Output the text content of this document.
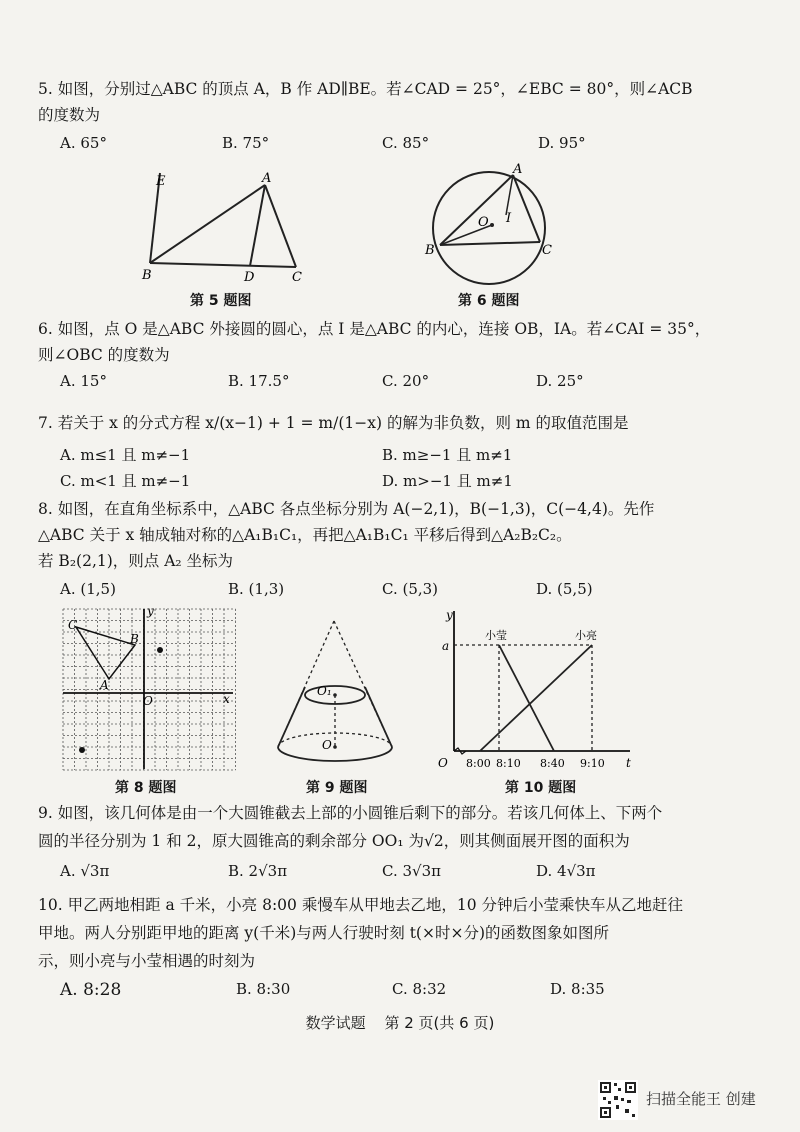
5. 如图，分别过△ABC 的顶点 A，B 作 AD∥BE。若∠CAD = 25°，∠EBC = 80°，则∠ACB
的度数为
A. 65°	B. 75°	C. 85°	D. 95°
E	A
B	D	C
第 5 题图
A
O I
B	C
第 6 题图
6. 如图，点 O 是△ABC 外接圆的圆心，点 I 是△ABC 的内心，连接 OB，IA。若∠CAI = 35°，
则∠OBC 的度数为
A. 15°	B. 17.5°	C. 20°	D. 25°
7. 若关于 x 的分式方程 x/(x−1) + 1 = m/(1−x) 的解为非负数，则 m 的取值范围是
A. m≤1 且 m≠−1	B. m≥−1 且 m≠1
C. m<1 且 m≠−1	D. m>−1 且 m≠1
8. 如图，在直角坐标系中，△ABC 各点坐标分别为 A(−2,1)，B(−1,3)，C(−4,4)。先作
△ABC 关于 x 轴成轴对称的△A₁B₁C₁，再把△A₁B₁C₁ 平移后得到△A₂B₂C₂。
若 B₂(2,1)，则点 A₂ 坐标为
A. (1,5)	B. (1,3)	C. (5,3)	D. (5,5)
y
x
O
A
B
C
第 8 题图
O₁
O
第 9 题图
y
t
a
O
小莹	小亮
8:00 8:10 8:40 9:10
第 10 题图
9. 如图，该几何体是由一个大圆锥截去上部的小圆锥后剩下的部分。若该几何体上、下两个
圆的半径分别为 1 和 2，原大圆锥高的剩余部分 OO₁ 为√2，则其侧面展开图的面积为
A. √3π	B. 2√3π	C. 3√3π	D. 4√3π
10. 甲乙两地相距 a 千米，小亮 8:00 乘慢车从甲地去乙地，10 分钟后小莹乘快车从乙地赶往
甲地。两人分别距甲地的距离 y(千米)与两人行驶时刻 t(×时×分)的函数图象如图所
示，则小亮与小莹相遇的时刻为
A. 8:28	B. 8:30	C. 8:32	D. 8:35
数学试题 第 2 页(共 6 页)
扫描全能王 创建
